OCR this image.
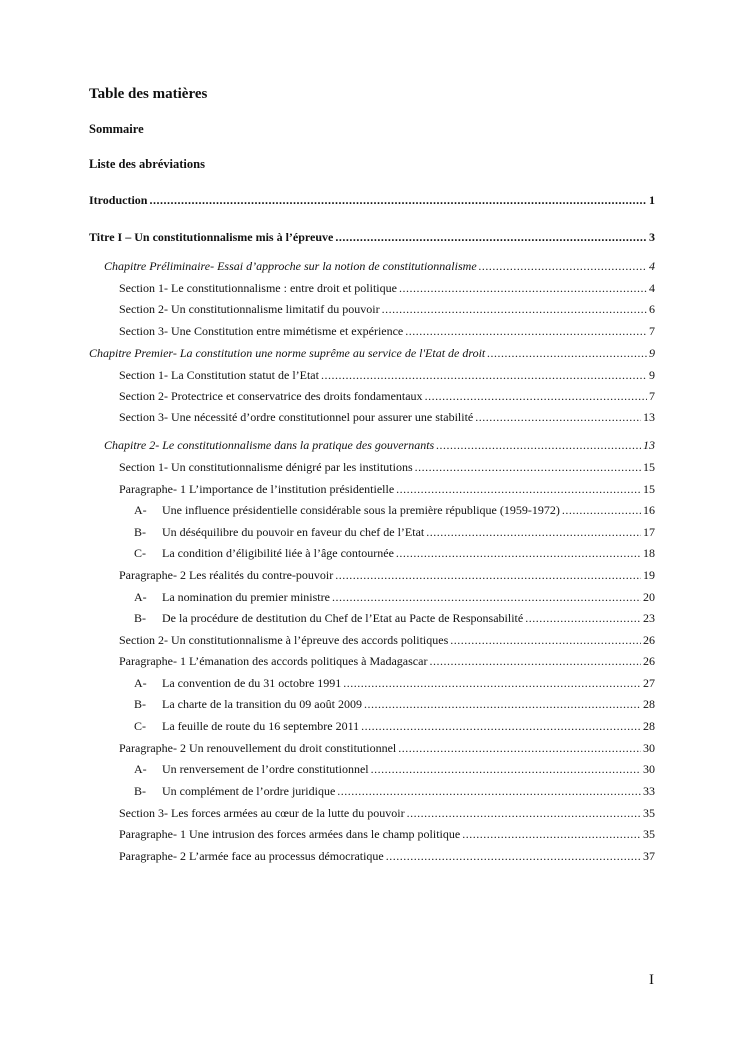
Table des matières
Sommaire
Liste des abréviations
Itroduction .....	1
Titre I – Un constitutionnalisme mis à l’épreuve .....	3
Chapitre Préliminaire- Essai d’approche sur la notion de constitutionnalisme .....	4
Section 1- Le constitutionnalisme : entre droit et politique .....	4
Section 2- Un constitutionnalisme limitatif du pouvoir .....	6
Section 3- Une Constitution entre mimétisme et expérience .....	7
Chapitre Premier- La constitution une norme suprême au service de l'Etat de droit .....	9
Section 1- La Constitution statut de l’Etat .....	9
Section 2- Protectrice et conservatrice des droits fondamentaux .....	7
Section 3- Une nécessité d’ordre constitutionnel pour assurer une stabilité .....	13
Chapitre 2- Le constitutionnalisme dans la pratique des gouvernants .....	13
Section 1- Un constitutionnalisme dénigré par les institutions .....	15
Paragraphe- 1 L’importance de l’institution présidentielle .....	15
A-	Une influence présidentielle considérable sous la première république (1959-1972) .....	16
B-	Un déséquilibre du pouvoir en faveur du chef de l’Etat .....	17
C-	La condition d’éligibilité liée à l’âge contournée .....	18
Paragraphe- 2 Les réalités du contre-pouvoir .....	19
A-	La nomination du premier ministre .....	20
B-	De la procédure de destitution du Chef de l’Etat au Pacte de Responsabilité .....	23
Section 2- Un constitutionnalisme à l’épreuve des accords politiques .....	26
Paragraphe- 1 L’émanation des accords politiques à Madagascar .....	26
A-	La convention de du 31 octobre 1991 .....	27
B-	La charte de la transition du 09 août 2009 .....	28
C-	La feuille de route du 16 septembre 2011 .....	28
Paragraphe- 2 Un renouvellement du droit constitutionnel .....	30
A-	Un renversement de l’ordre constitutionnel .....	30
B-	Un complément de l’ordre juridique .....	33
Section 3- Les forces armées au cœur de la lutte du pouvoir .....	35
Paragraphe- 1 Une intrusion des forces armées dans le champ politique .....	35
Paragraphe- 2 L’armée face au processus démocratique .....	37
I
